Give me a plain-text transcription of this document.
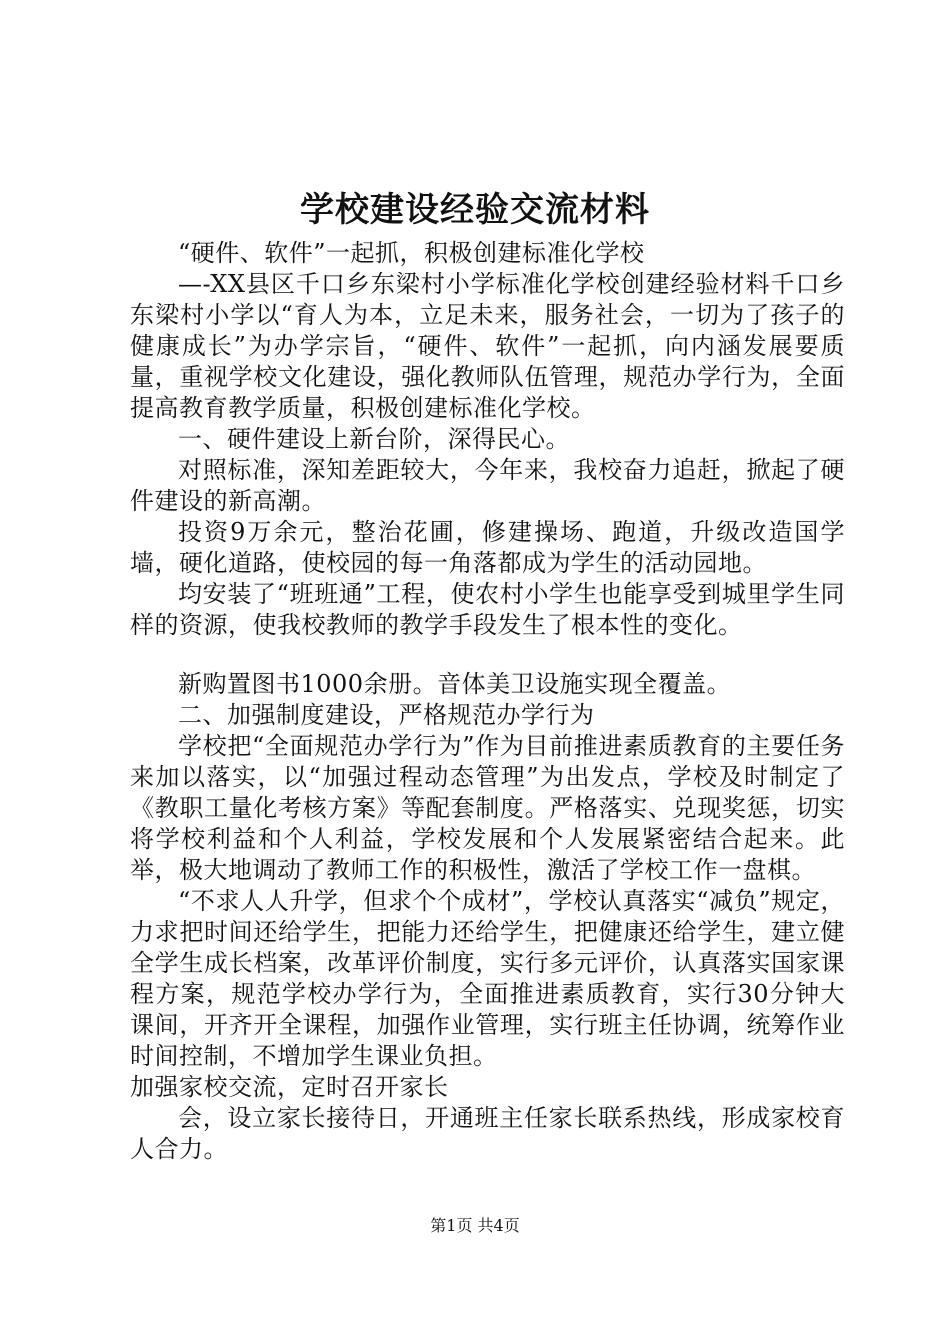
学校建设经验交流材料

“硬件、软件”一起抓，积极创建标准化学校

—-XX县区千口乡东梁村小学标准化学校创建经验材料千口乡东梁村小学以“育人为本，立足未来，服务社会，一切为了孩子的健康成长”为办学宗旨，“硬件、软件”一起抓，向内涵发展要质量，重视学校文化建设，强化教师队伍管理，规范办学行为，全面提高教育教学质量，积极创建标准化学校。

一、硬件建设上新台阶，深得民心。

对照标准，深知差距较大，今年来，我校奋力追赶，掀起了硬件建设的新高潮。

投资9万余元，整治花圃，修建操场、跑道，升级改造国学墙，硬化道路，使校园的每一角落都成为学生的活动园地。

均安装了“班班通”工程，使农村小学生也能享受到城里学生同样的资源，使我校教师的教学手段发生了根本性的变化。

新购置图书1000余册。音体美卫设施实现全覆盖。

二、加强制度建设，严格规范办学行为

学校把“全面规范办学行为”作为目前推进素质教育的主要任务来加以落实，以“加强过程动态管理”为出发点，学校及时制定了《教职工量化考核方案》等配套制度。严格落实、兑现奖惩，切实将学校利益和个人利益，学校发展和个人发展紧密结合起来。此举，极大地调动了教师工作的积极性，激活了学校工作一盘棋。

“不求人人升学，但求个个成材”，学校认真落实“减负”规定，力求把时间还给学生，把能力还给学生，把健康还给学生，建立健全学生成长档案，改革评价制度，实行多元评价，认真落实国家课程方案，规范学校办学行为，全面推进素质教育，实行30分钟大课间，开齐开全课程，加强作业管理，实行班主任协调，统筹作业时间控制，不增加学生课业负担。

加强家校交流，定时召开家长

会，设立家长接待日，开通班主任家长联系热线，形成家校育人合力。

第1页 共4页
